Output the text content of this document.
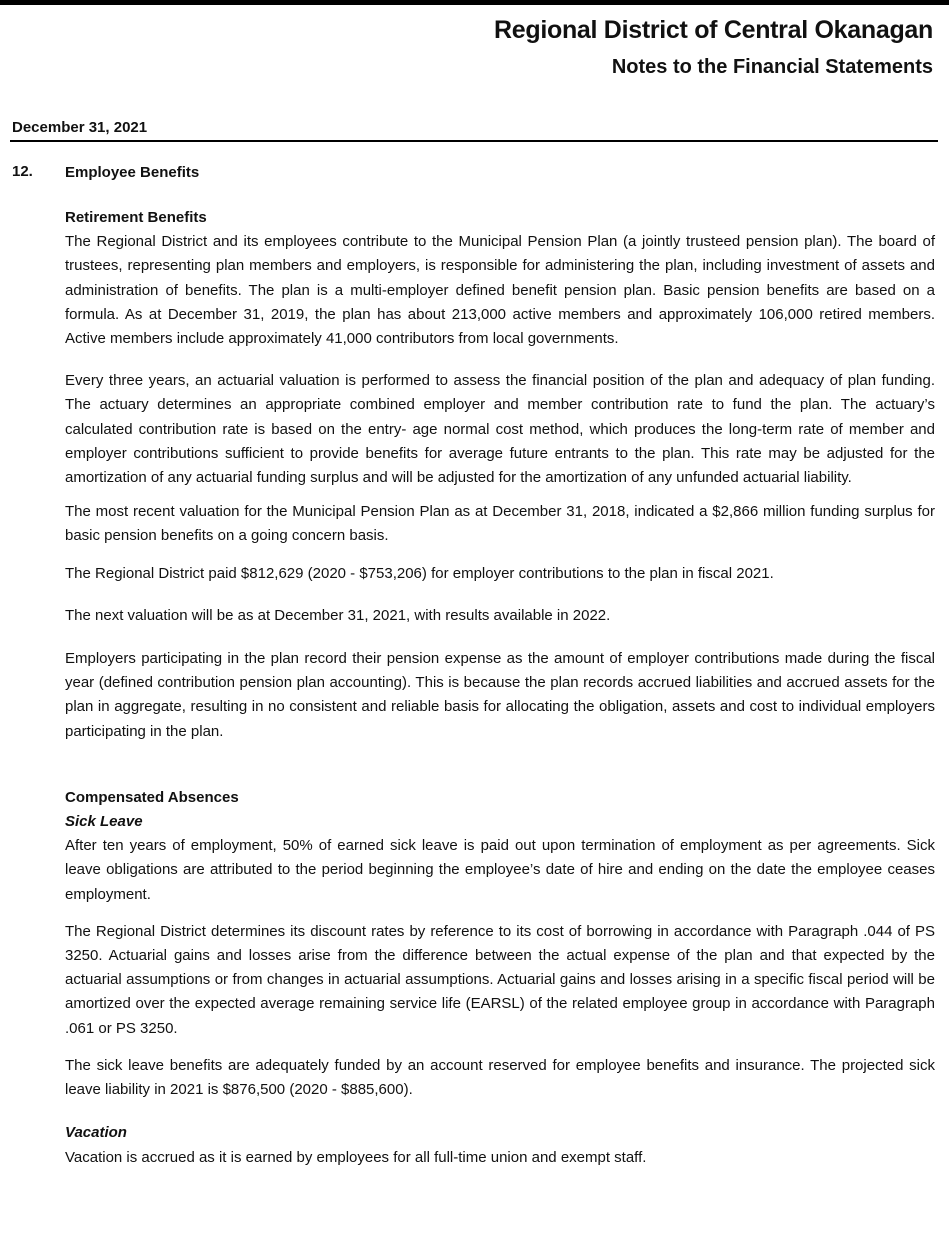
Regional District of Central Okanagan
Notes to the Financial Statements
December 31, 2021
12. Employee Benefits

Retirement Benefits

The Regional District and its employees contribute to the Municipal Pension Plan (a jointly trusteed pension plan). The board of trustees, representing plan members and employers, is responsible for administering the plan, including investment of assets and administration of benefits. The plan is a multi-employer defined benefit pension plan. Basic pension benefits are based on a formula. As at December 31, 2019, the plan has about 213,000 active members and approximately 106,000 retired members. Active members include approximately 41,000 contributors from local governments.

Every three years, an actuarial valuation is performed to assess the financial position of the plan and adequacy of plan funding. The actuary determines an appropriate combined employer and member contribution rate to fund the plan. The actuary’s calculated contribution rate is based on the entry- age normal cost method, which produces the long-term rate of member and employer contributions sufficient to provide benefits for average future entrants to the plan. This rate may be adjusted for the amortization of any actuarial funding surplus and will be adjusted for the amortization of any unfunded actuarial liability.

The most recent valuation for the Municipal Pension Plan as at December 31, 2018, indicated a $2,866 million funding surplus for basic pension benefits on a going concern basis.

The Regional District paid $812,629 (2020 - $753,206) for employer contributions to the plan in fiscal 2021.

The next valuation will be as at December 31, 2021, with results available in 2022.

Employers participating in the plan record their pension expense as the amount of employer contributions made during the fiscal year (defined contribution pension plan accounting). This is because the plan records accrued liabilities and accrued assets for the plan in aggregate, resulting in no consistent and reliable basis for allocating the obligation, assets and cost to individual employers participating in the plan.

Compensated Absences

Sick Leave

After ten years of employment, 50% of earned sick leave is paid out upon termination of employment as per agreements. Sick leave obligations are attributed to the period beginning the employee’s date of hire and ending on the date the employee ceases employment.

The Regional District determines its discount rates by reference to its cost of borrowing in accordance with Paragraph .044 of PS 3250. Actuarial gains and losses arise from the difference between the actual expense of the plan and that expected by the actuarial assumptions or from changes in actuarial assumptions. Actuarial gains and losses arising in a specific fiscal period will be amortized over the expected average remaining service life (EARSL) of the related employee group in accordance with Paragraph .061 or PS 3250.

The sick leave benefits are adequately funded by an account reserved for employee benefits and insurance. The projected sick leave liability in 2021 is $876,500 (2020 - $885,600).

Vacation

Vacation is accrued as it is earned by employees for all full-time union and exempt staff.
